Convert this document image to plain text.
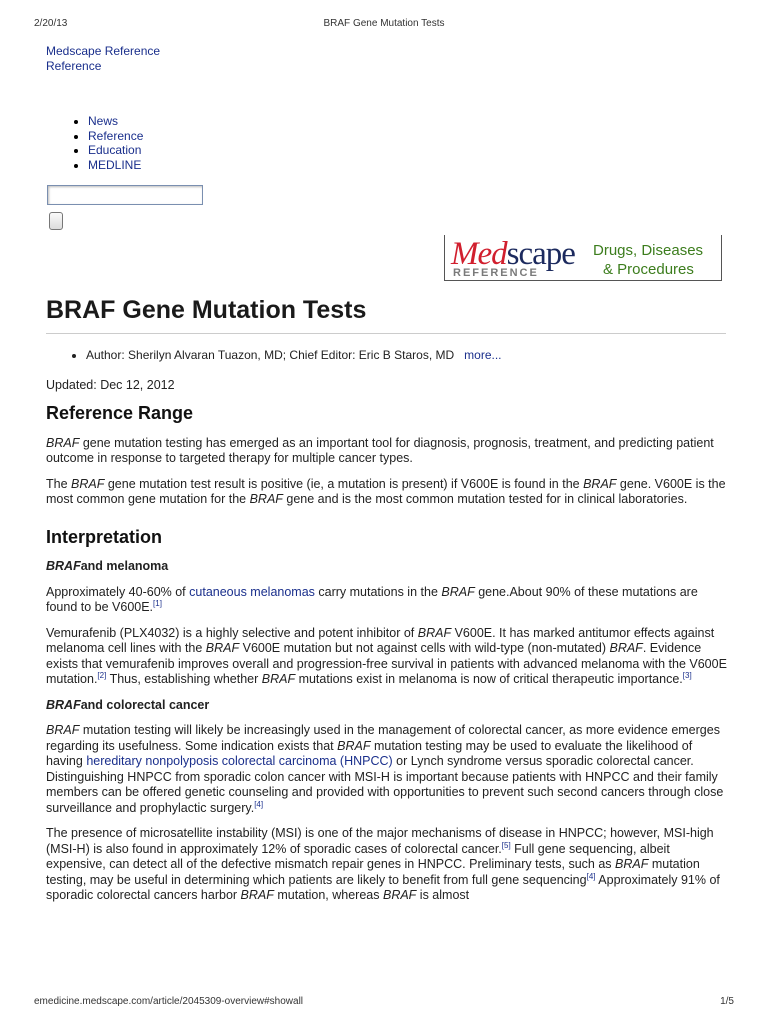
2/20/13	BRAF Gene Mutation Tests
Medscape Reference
Reference
• News
• Reference
• Education
• MEDLINE
Medscape
REFERENCE
Drugs, Diseases
& Procedures
BRAF Gene Mutation Tests
• Author: Sherilyn Alvaran Tuazon, MD; Chief Editor: Eric B Staros, MD more...
Updated: Dec 12, 2012
Reference Range

BRAF gene mutation testing has emerged as an important tool for diagnosis, prognosis, treatment, and predicting patient outcome in response to targeted therapy for multiple cancer types.

The BRAF gene mutation test result is positive (ie, a mutation is present) if V600E is found in the BRAF gene. V600E is the most common gene mutation for the BRAF gene and is the most common mutation tested for in clinical laboratories.

Interpretation
BRAFand melanoma

Approximately 40-60% of cutaneous melanomas carry mutations in the BRAF gene.About 90% of these mutations are found to be V600E.[1]

Vemurafenib (PLX4032) is a highly selective and potent inhibitor of BRAF V600E. It has marked antitumor effects against melanoma cell lines with the BRAF V600E mutation but not against cells with wild-type (non-mutated) BRAF. Evidence exists that vemurafenib improves overall and progression-free survival in patients with advanced melanoma with the V600E mutation.[2] Thus, establishing whether BRAF mutations exist in melanoma is now of critical therapeutic importance.[3]

BRAFand colorectal cancer

BRAF mutation testing will likely be increasingly used in the management of colorectal cancer, as more evidence emerges regarding its usefulness. Some indication exists that BRAF mutation testing may be used to evaluate the likelihood of having hereditary nonpolyposis colorectal carcinoma (HNPCC) or Lynch syndrome versus sporadic colorectal cancer. Distinguishing HNPCC from sporadic colon cancer with MSI-H is important because patients with HNPCC and their family members can be offered genetic counseling and provided with opportunities to prevent such second cancers through close surveillance and prophylactic surgery.[4]

The presence of microsatellite instability (MSI) is one of the major mechanisms of disease in HNPCC; however, MSI-high (MSI-H) is also found in approximately 12% of sporadic cases of colorectal cancer.[5] Full gene sequencing, albeit expensive, can detect all of the defective mismatch repair genes in HNPCC. Preliminary tests, such as BRAF mutation testing, may be useful in determining which patients are likely to benefit from full gene sequencing[4] Approximately 91% of sporadic colorectal cancers harbor BRAF mutation, whereas BRAF is almost

emedicine.medscape.com/article/2045309-overview#showall	1/5
